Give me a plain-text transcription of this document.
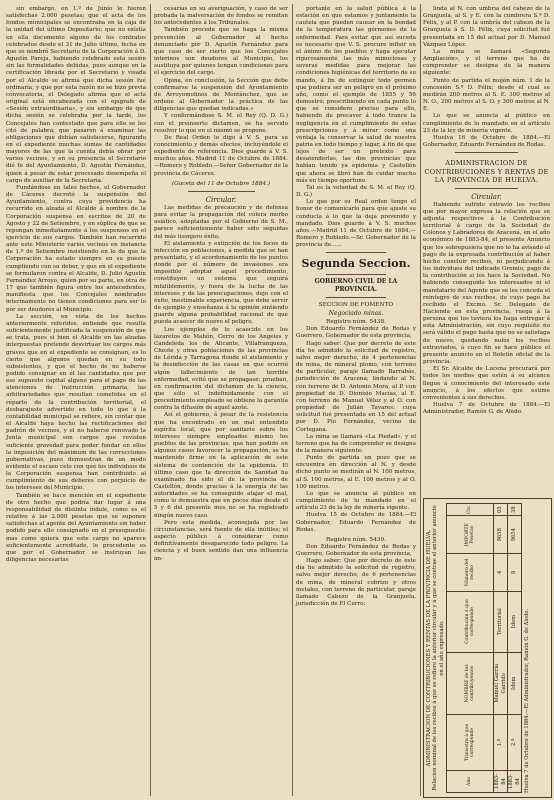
sin embargo, en 1.º de Junio le fueron satisfechas 2.000 pesetas; que el acta de los fondos municipales se encontraba en la caja de la unidad del último Depositario; que no existía en ella documento alguno de los contratos celebrados desde el 31 de Julio último, fecha en que se nombró Secretario de la Corporación á D. Agustín Pareja, habiendo celebrado esta sesión sin las formalidades debidas, pues aunque en la certificación librada por el Secretario y visada por el Alcalde se afirma que dicha sesión fué ordinaria, y que por esta razón no se hizo previa convocatoria, el Delegado afirma que el acta original está encabezada con el epígrafe de «Sesión extraordinaria», y sin embargo de que dicha sesión se celebraba por la tarde, los Concejales han contestado que para ello se les citó de palabra; que pasaron á examinar las obligaciones que debían satisfacerse, figurando en el expediente muchas sumas de cantidades mayores de las que la cuenta debía obrar por varios vecinos, y en su presencia el Secretario dió fe del Ayuntamiento, D. Agustín Fernández, quien á pesar de estar procesado desempeña el cargo de auxiliar de la Secretaría.

Fundándose en tales hechos, el Gobernador de Cáceres decretó la suspensión del Ayuntamiento, contra cuya providencia ha recurrido en alzada el Alcalde á nombre de la Corporación suspensa en escritos de 20 de Agosto y 22 de Setiembre, y en súplica de que se repongan inmediatamente á los suspensos en el ejercicio de sus cargos. También han recurrido ante este Ministerio varios vecinos en instancia de 1.º de Setiembre insistiendo en lo de que la Corporación ha estado siempre en su puesto cumpliendo con su deber, y que en el expediente se formularon contra el Alcalde, D. Julio Agustín Fernández Arroyo, quien por su parte, en otra de 17 que también figura entre los antecedentes, manifiesta que los Concejales nombrados interinamente no tienen condiciones para ser lo por ser deudores al Municipio.

La sección, en vista de los hechos anteriormente referidos, entiende que resulta suficientemente justificada la suspensión de que se trata, pues si bien el Alcalde en las alzadas interpuestas pretende desvirtuar los cargos más graves que en el expediente se consignan, es lo cierto que algunos quedan en su todo subsistentes, y que el hecho de no haberse podido consignar en él las cantidades que por ese supuesto capital alguno para el pago de las atenciones de instrucción primaria, las arbitrariedades que resultan cometidas en el reparto de la contribución territorial, el desbarajuste advertido en todo lo que á la contabilidad municipal se refiere, sin contar que el Alcalde haya hecho las rectificaciones del padrón de vecinos, y el no haberse renovado la Junta municipal son cargos que revisten suficiente gravedad para poder fundar en ellos la imposición del máximum de las correcciones gubernativas, pues demuestran de un modo evidente el escaso celo con que los individuos de la Corporación suspensa han contribuido al cumplimiento de sus deberes con perjuicio de los intereses del Municipio.

También se hace mención en el expediente de otro hecho que podría dar lugar á una responsabilidad de distinta índole, como es el relativo á las 2.000 pesetas que se suponen satisfechas al agente del Ayuntamiento sin haber podido para ello consignado en el presupuesto: mas como quiera que este cargo no aparece suficientemente acreditado, lo procedente es que por el Gobernador se instruyan las diligencias necesarias

cesarias en su averiguación, y caso de ser probada la malversación de fondos se remitan los antecedentes á los Tribunales.

También procede que se haga la misma prevención al Gobernador al hecho denunciado por D. Agustín Fernández para que caso de ser cierto que los Concejales interinos son deudores al Municipio, los sustituya por quienes tengan condiciones para el ejercicio del cargo.

Opina, en conclusión, la Sección que debe confirmarse la suspensión del Ayuntamiento de Arroyomolinos de Montánchez, que se ordene al Gobernador la práctica de las diligencias que quedan indicadas.»

Y conformándose S. M. el Rey (Q. D. G.) con el preinserto dictamen, se ha servido resolver lo que en el mismo se propone.

De Real Orden lo digo á V. S. para su conocimiento y demás efectos, incluyéndole el expediente de referencia. Dios guarde á V. S. muchos años. Madrid 11 de Octubre de 1884.—Romero y Robledo.—Señor Gobernador de la provincia de Cáceres.

(Gaceta del 11 de Octubre 1884.)

Circular.

Las medidas de precaución y de defensa para evitar la propagación del cólera morbo asiático, adoptadas por el Gobierno de S. M., parece suficientemente haber sido seguidas del más lisonjero éxito.

El aislamiento y extinción de los focos de infección en poblaciones, á medida que se han presentado, y el acordonamiento de los puntos donde por el número de invasiones era imposible adoptar aquel procedimiento, constituyen un sistema que seguirá infaliblemente, y fuera de la lucha de las intereses y de las preocupaciones, dejo con el éxito, inestimable experiencia, que debe servir de ejemplo y enseñanza á la opinión sintiendo guarde alguna probabilidad racional de que pueda acaecer de nuevo el peligro.

Los ejemplos de lo acaecido en los lazaretos de Mahón, Cerro de los Angeles y Candeleda los de Alicante, Villafranqueza, Cheste y otras poblaciones de las provincias de Lérida y Tarragona donde el aislamiento y la desinfección de las casas en que ocurrió algún fallecimiento de tan terrible enfermedad, evitó que se propagase; prueban, en confirmación del dictamen de la ciencia, que sólo el indefinidamente con el procedimiento empleado se obtiene la garantía contra la difusión de aquel azote.

Así el gobierno, á pesar de la resistencia que ha encontrado en un mal entendido espíritu local, que por sanitario sobre los intereses siempre empleados mismo los pueblos de las provincias, que han podido en algunos casos favorecer la propagación, se ha mantenido firme en la aplicación de este sistema de contención de la epidemia. El último caso que la dirección de Sanidad ha examinado ha sido el de la provincia de Castellón, donde gracias á la energía de las autoridades se ha conseguido atajar el mal, como lo demuestra que en pocos días desde el 5 y 6 del presente mes no se ha registrado ningún nuevo caso.

Pero esta medida, aconsejada por las circunstancias, será fuente de ella inútiles; el aspecto público á considerar como definitivamente desaparecido todo peligro. La ciencia y el buen sentido dan una influencia im-

portante en la salud pública á la estación en que estamos y juntamente la cautela que pueden causar en la bondad de la temperatura las gérmenes de la enfermedad. Para evitar que así suceda es necesario que V. S. procure influir en el ánimo de los pueblos y haga ejecutar rigurosamente las más minuciosas y severas medidas para mejorar las condiciones higiénicas del territorio de su mando, á fin de extinguir todo germen que pudiera ser un peligro en el próximo año, como el ejemplo de 1855 y 56 demostró; prescribiendo en cada punto lo que se considere preciso para ello, habiendo de precaver á todo trance la negligencia en el cumplimiento de estas prescripciones y á mirar como una ventaja la conservar la salud de nuestra patria en todo tiempo y lugar, á fin de que lejos de ser un pretexto para desatenderlas, las dos provincias que habían tenido ya epidemia y Castellón que ahora se libró han de cuidar mucho más en tiempo oportuno.

Tal es la voluntad de S. M. el Rey (Q. D. G.)

Lo que por su Real orden tengo el honor de comunicarlo para que ajuste su conducta á lo que la deja prevenido y mandado. Dios guarde á V. S. muchos años.—Madrid 11 de Octubre de 1884.—Romero y Robledo.—Sr. Gobernador de la provincia de......

Segunda Seccion.
GOBIERNO CIVIL DE LA PROVINCIA.
SECCION DE FOMENTO
Negociado minas.
Registro núm. 5438.

Don Eduardo Fernández de Rodas y Guerrero, Gobernador de esta provincia,

Hago saber: Que por decreto de este día he admitido la solicitud de registro, salvo mejor derecho, de 4 pertenencias de mina, de mineral plomo, con terreno de particular, paraje llamado Barrabás, jurisdicción de Aracena; lindando al N. con terreno de D. Antonio Mora, al P. con propiedad de D. Dionisio Macías, al E. con terreno de Manuel Vélez y al O. con propiedad de Julián Tavares: cuya solicitud fué presentada en 15 del actual por D. Pío Fernández, vecino de Cortegana.

La mina se llamará «La Piedad», y el terreno que ha de comprender se designa de la manera siguiente:

Punto de partida un pozo que se encuentra en dirección al N. y desde dicho punto se medirán al N. 100 metros, al S. 100 metros, al E. 100 metros y al O. 100 metros.

Lo que se anuncia al público en cumplimiento de lo mandado en el artículo 23 de la ley de minería vigente.

Huelva 15 de Octubre de 1884.—El Gobernador, Eduardo Fernández de Rodas.

Registro núm. 5439.

Don Eduardo Fernández de Rodas y Guerrero, Gobernador de esta provincia,

Hago saber: Que por decreto de este día he admitido la solicitud de registro, salvo mejor derecho, de 6 pertenencias de mina, de mineral cobrizo y otros metales, con terreno de particular, paraje llamado Cabezo de la Granjuela, jurisdicción de El Cerro;

linda al N. con umbría del cabezo de la Granjuela, al S. y E. con la cumbrera S.ª D. Félix, y al P. con la umbría del cabezo de la Granjuela á S. D. Félix, cuya solicitud fué presentada en 15 del actual por D. Manuel Vázquez López.

La mina se llamará «Segunda Ampliación», y el terreno que ha de comprender se designa de la manera siguiente:

Punto de partida el mojón núm. 1 de la concesión S.ª D. Félix; desde el cual se medirán 200 metros al S. E. 300 metros al N. O., 200 metros al S. O. y 300 metros al N. E.

Lo que se anuncia al público en cumplimiento de lo mandado en el artículo 23 de la ley de minería vigente.

Huelva 16 de Octubre de 1884.—El Gobernador, Eduardo Fernández de Rodas.

ADMINISTRACION DE CONTRIBUCIONES Y RENTAS DE LA PROVINCIA DE HUELVA.

Circular.

Habiendo sufrido extravío los recibos que por mayor expresa la relación que se adjunta respectivos á la Contribución territorial á cargo de la Sociedad de Colonos y Labradores de Aracena, en el año económico de 1883-84, el presente Anuncio que los sobrepusiera que no lo ha avisado al pago de la expresada contribución al haber hecho concluir recibos, ni perjudicando á los individuos del indicado Gremio, pago de la contribución si los hace la Sociedad. No habiendo conseguido los interesados ni el mandatario del Agente que se les conceda el reintegro de sus recibos, de cuyo pago ha recibido el Excmo. Sr. Delegado de Hacienda en esta provincia, ruega á la persona que los tuviera los haga entregar á esta Administración, sin cuyo requisito no será válido el pago hasta que no se satisfaga de nuevo, quedando nulos los recibos extraviados, á cuyo fin se hace público el presente anuncio en el Boletín oficial de la provincia.

El Sr. Alcalde de Lucena procurará por todos los medios que estén á su alcance llegue á conocimiento del interesado este anuncio, á los efectos que estime convenientes á sus derechos.

Huelva 7 de Octubre de 1884.—El Administrador, Ramón G. de Aledo.

ADMINISTRACION DE CONTRIBUCIONES Y RENTAS DE LA PROVINCIA DE HUELVA. Relacion nominal de los recibos á que se refiere la anterior circular y á que se contrae el anterior anuncio en el año expresado.
Año	Trimestre á que corresponde	NOMBRE de los contribuyentes	Contribución á que corresponde	Número del recibo	IMPORTE Pesetas	Cts.
1883-84	1.º	Manuel García Garrido	Territorial	4	9658	05
1883-84	2.º	Idem	Idem	8	9654	38
Huelva 7 de Octubre de 1884.—El Administrador, Ramón G. de Aledo.
